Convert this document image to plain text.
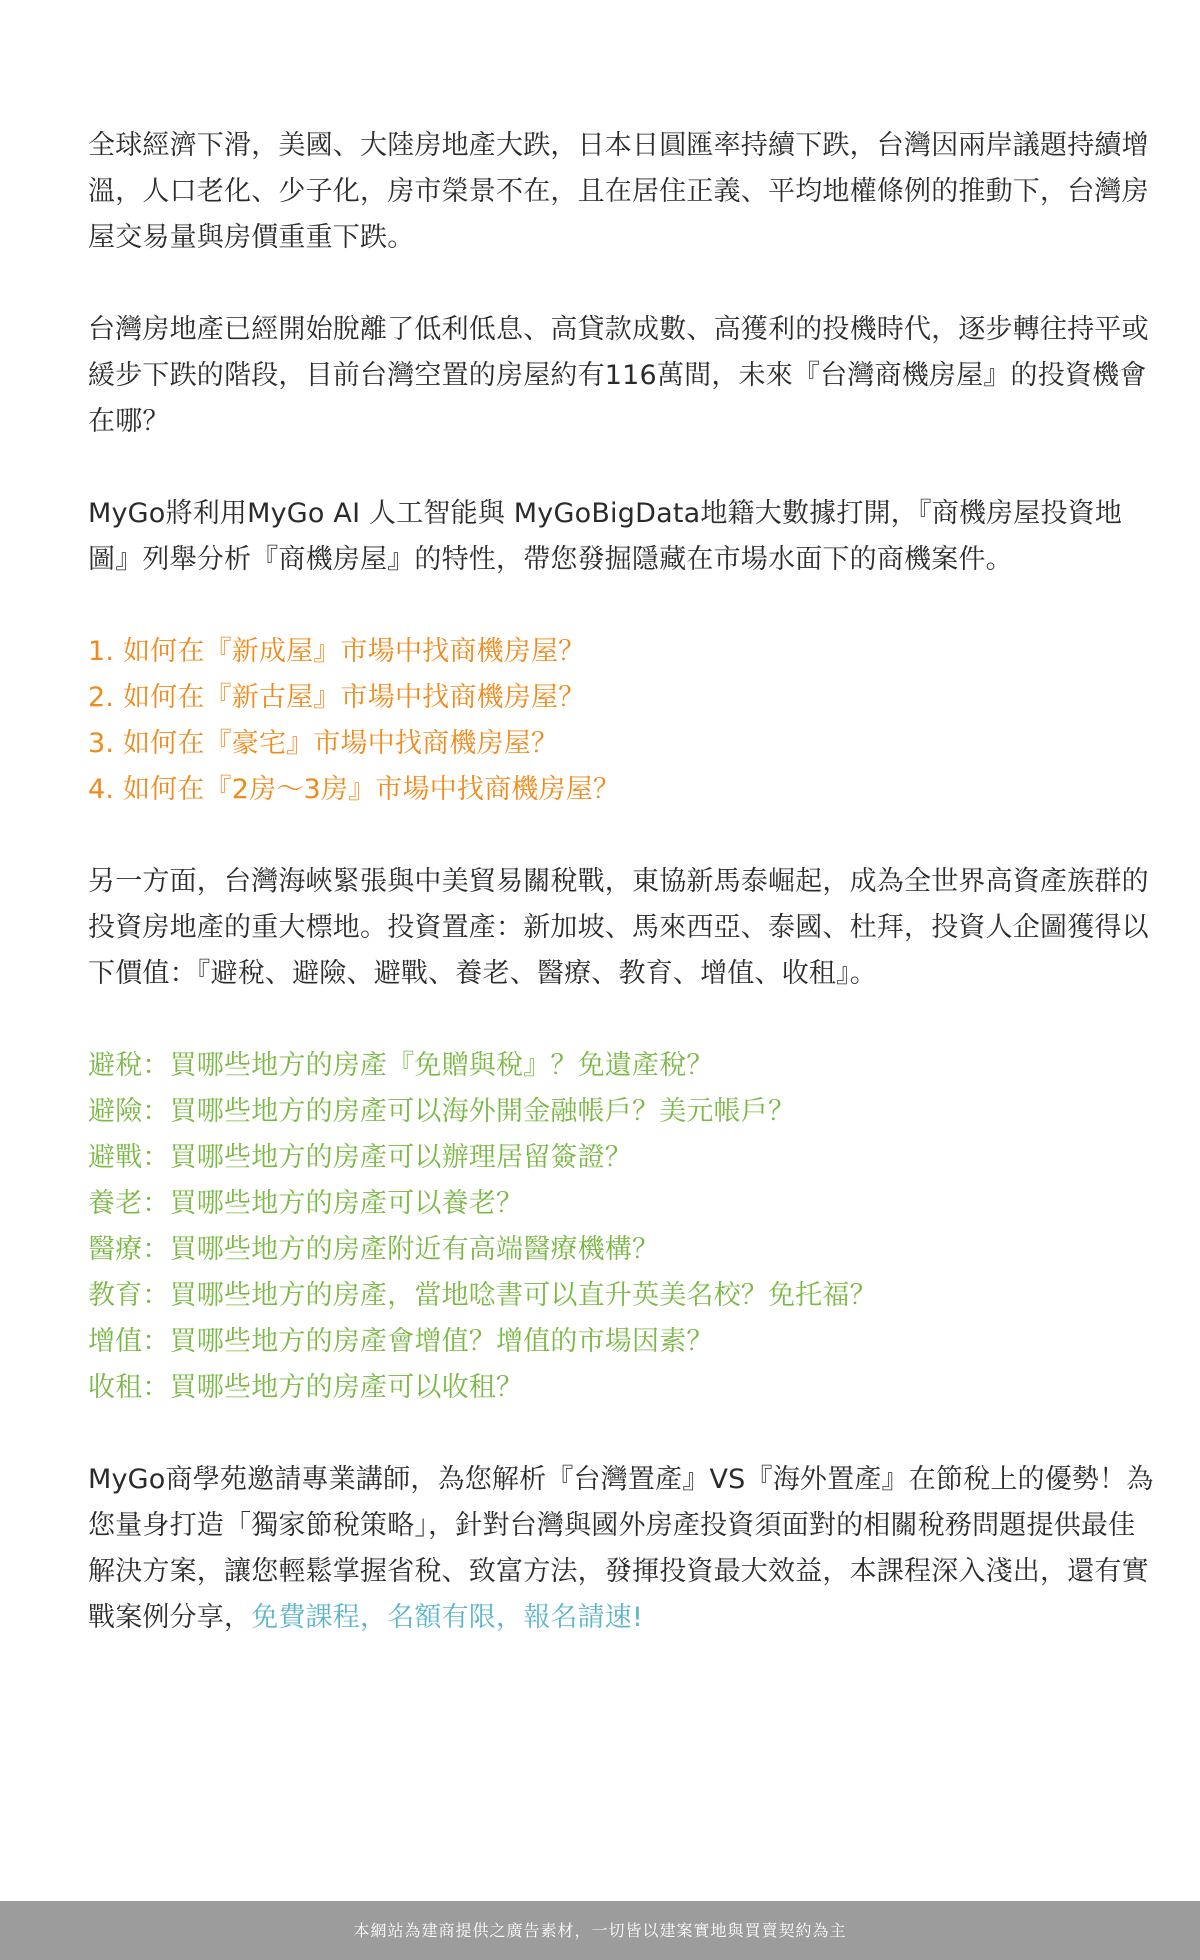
全球經濟下滑，美國、大陸房地產大跌，日本日圓匯率持續下跌，台灣因兩岸議題持續增溫，人口老化、少子化，房市榮景不在，且在居住正義、平均地權條例的推動下，台灣房屋交易量與房價重重下跌。

台灣房地產已經開始脫離了低利低息、高貸款成數、高獲利的投機時代，逐步轉往持平或緩步下跌的階段，目前台灣空置的房屋約有116萬間，未來『台灣商機房屋』的投資機會在哪？

MyGo將利用MyGo AI 人工智能與 MyGoBigData地籍大數據打開，『商機房屋投資地圖』列舉分析『商機房屋』的特性，帶您發掘隱藏在市場水面下的商機案件。

1. 如何在『新成屋』市場中找商機房屋？
2. 如何在『新古屋』市場中找商機房屋？
3. 如何在『豪宅』市場中找商機房屋？
4. 如何在『2房～3房』市場中找商機房屋？

另一方面，台灣海峽緊張與中美貿易關稅戰，東協新馬泰崛起，成為全世界高資產族群的投資房地產的重大標地。投資置產：新加坡、馬來西亞、泰國、杜拜，投資人企圖獲得以下價值：『避稅、避險、避戰、養老、醫療、教育、增值、收租』。

避稅：買哪些地方的房產『免贈與稅』？免遺產稅？
避險：買哪些地方的房產可以海外開金融帳戶？美元帳戶？
避戰：買哪些地方的房產可以辦理居留簽證？
養老：買哪些地方的房產可以養老？
醫療：買哪些地方的房產附近有高端醫療機構？
教育：買哪些地方的房產，當地唸書可以直升英美名校？免托福？
增值：買哪些地方的房產會增值？增值的市場因素？
收租：買哪些地方的房產可以收租？

MyGo商學苑邀請專業講師，為您解析『台灣置產』VS『海外置產』在節稅上的優勢！為您量身打造「獨家節稅策略」，針對台灣與國外房產投資須面對的相關稅務問題提供最佳解決方案，讓您輕鬆掌握省稅、致富方法，發揮投資最大效益，本課程深入淺出，還有實戰案例分享，免費課程，名額有限，報名請速!

本網站為建商提供之廣告素材，一切皆以建案實地與買賣契約為主
